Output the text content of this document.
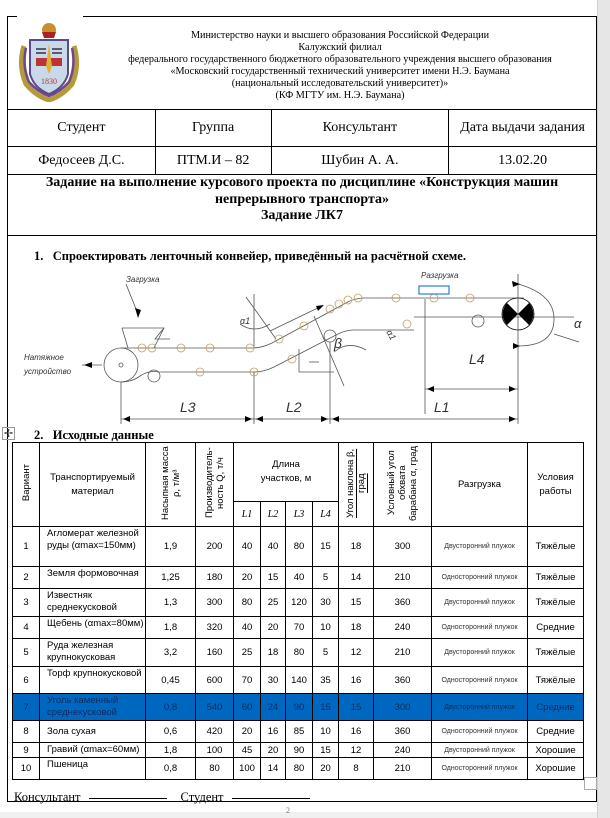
1830
Министерство науки и высшего образования Российской Федерации
Калужский филиал
федерального государственного бюджетного образовательного учреждения высшего образования
«Московский государственный технический университет имени Н.Э. Баумана
(национальный исследовательский университет)»
(КФ МГТУ им. Н.Э. Баумана)
Студент	Группа	Консультант	Дата выдачи задания
Федосеев Д.С.	ПТМ.И – 82	Шубин А. А.	13.02.20
Задание на выполнение курсового проекта по дисциплине «Конструкция машин
непрерывного транспорта»
Задание ЛК7
1. Спроектировать ленточный конвейер, приведённый на расчётной схеме.
Загрузка	Разгрузка
Натяжное
устройство
α1
α1
β
α
L3	L2	L1
L4
✢ 2. Исходные данные
Вариант	Транспортируемый материал	Насыпная масса ρ, т/м³	Производитель-ность Q, т/ч	Длина участков, м				Угол наклона β, град	Условный угол обхвата барабана α, град	Разгрузка	Условия работы
				L1	L2	L3	L4				
1	Агломерат железной руды (αmax=150мм)	1,9	200	40	40	80	15	18	300	Двусторонний плужок	Тяжёлые
2	Земля формовочная	1,25	180	20	15	40	5	14	210	Односторонний плужок	Тяжёлые
3	Известняк среднекусковой	1,3	300	80	25	120	30	15	360	Двусторонний плужок	Тяжёлые
4	Щебень (αmax=80мм)	1,8	320	40	20	70	10	18	240	Односторонний плужок	Средние
5	Руда железная крупнокусковая	3,2	160	25	18	80	5	12	210	Двусторонний плужок	Тяжёлые
6	Торф крупнокусковой	0,45	600	70	30	140	35	16	360	Односторонний плужок	Тяжёлые
7	Уголь каменный среднекусковой	0,8	540	60	24	90	15	15	300	Двусторонний плужок	Средние
8	Зола сухая	0,6	420	20	16	85	10	16	360	Односторонний плужок	Средние
9	Гравий (αmax=60мм)	1,8	100	45	20	90	15	12	240	Двусторонний плужок	Хорошие
10	Пшеница	0,8	80	100	14	80	20	8	210	Односторонний плужок	Хорошие
Консультант	Студент
2
